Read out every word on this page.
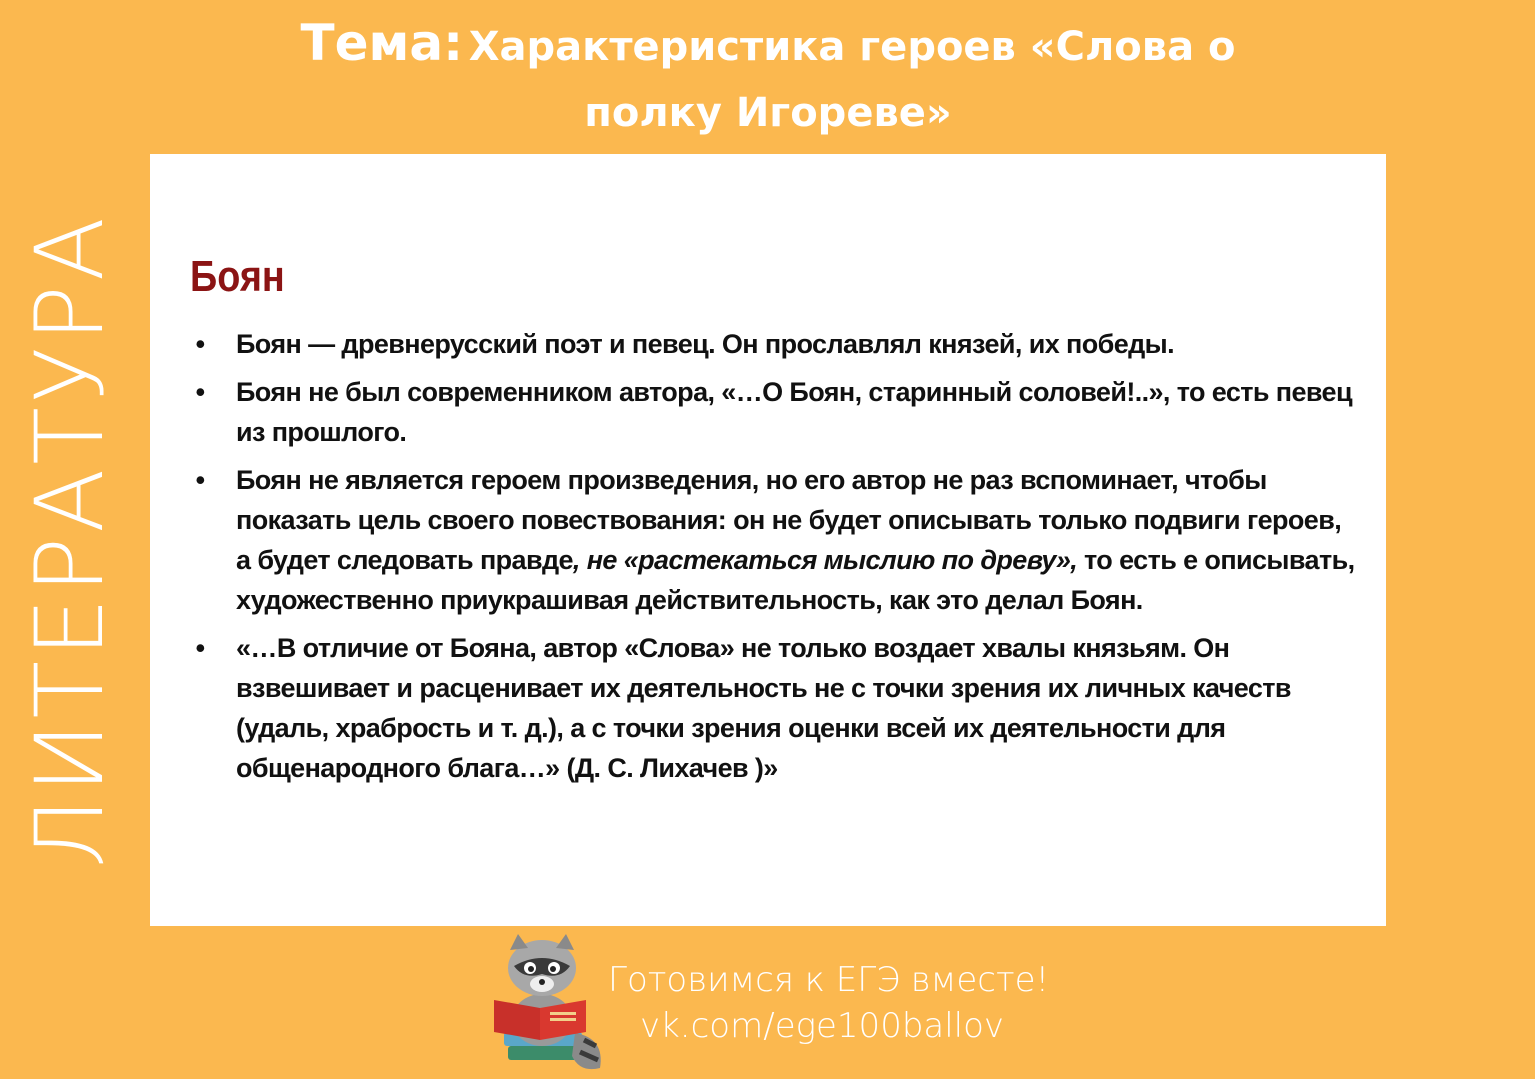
Тема: Характеристика героев «Слова о
полку Игореве»
ЛИТЕРАТУРА Боян
• Боян — древнерусский поэт и певец. Он прославлял князей, их победы.
• Боян не был современником автора, «…О Боян, старинный соловей!..», то есть певец из прошлого.
• Боян не является героем произведения, но его автор не раз вспоминает, чтобы показать цель своего повествования: он не будет описывать только подвиги героев, а будет следовать правде, не «растекаться мыслию по древу», то есть е описывать, художественно приукрашивая действительность, как это делал Боян.
• «…В отличие от Бояна, автор «Слова» не только воздает хвалы князьям. Он взвешивает и расценивает их деятельность не с точки зрения их личных качеств (удаль, храбрость и т. д.), а с точки зрения оценки всей их деятельности для общенародного блага…» (Д. С. Лихачев )»
Готовимся к ЕГЭ вместе!
vk.com/ege100ballov
